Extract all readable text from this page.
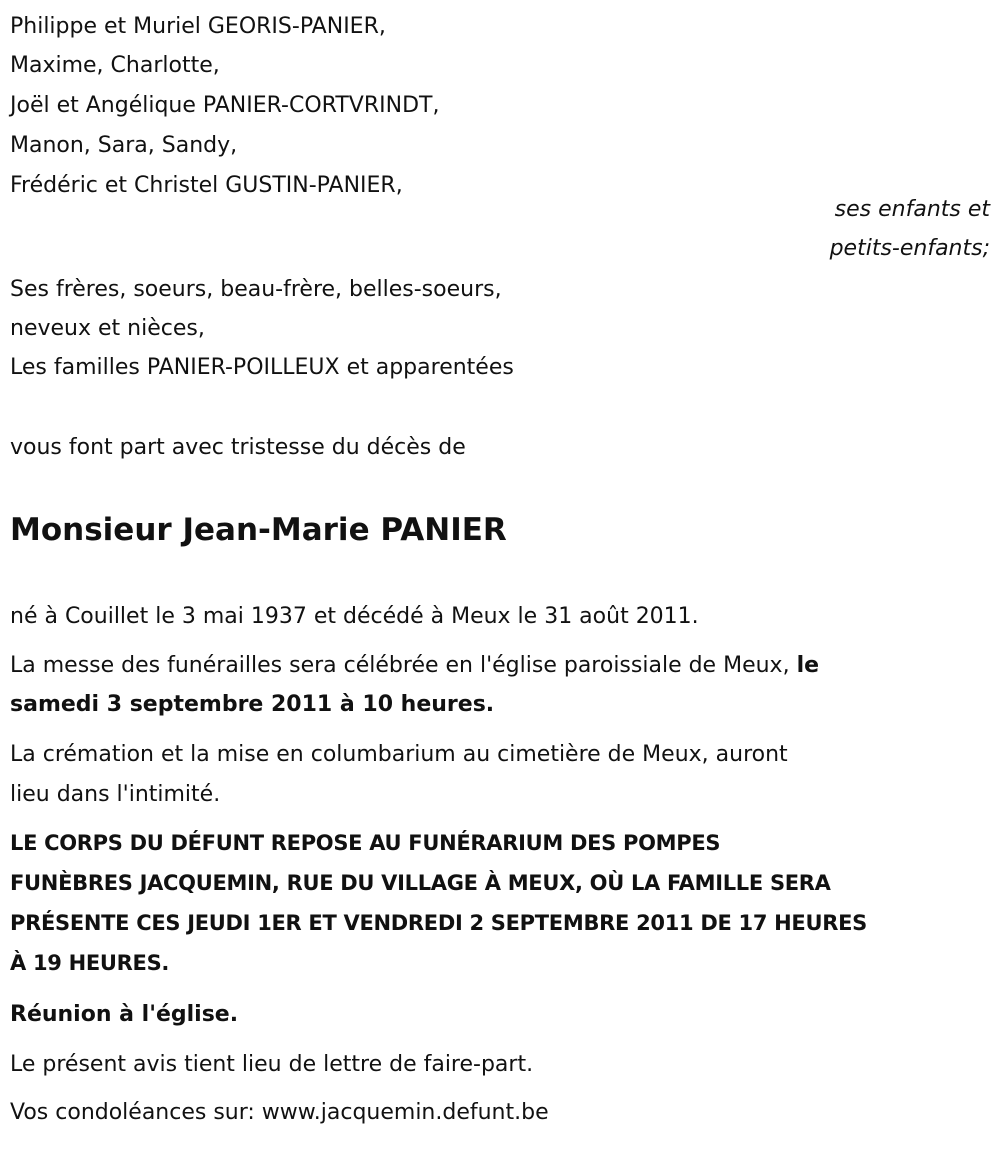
Philippe et Muriel GEORIS-PANIER,
Maxime, Charlotte,
Joël et Angélique PANIER-CORTVRINDT,
Manon, Sara, Sandy,
Frédéric et Christel GUSTIN-PANIER,
ses enfants et
petits-enfants;
Ses frères, soeurs, beau-frère, belles-soeurs,
neveux et nièces,
Les familles PANIER-POILLEUX et apparentées
vous font part avec tristesse du décès de
Monsieur Jean-Marie PANIER
né à Couillet le 3 mai 1937 et décédé à Meux le 31 août 2011.
La messe des funérailles sera célébrée en l'église paroissiale de Meux, le
samedi 3 septembre 2011 à 10 heures.
La crémation et la mise en columbarium au cimetière de Meux, auront
lieu dans l'intimité.
LE CORPS DU DÉFUNT REPOSE AU FUNÉRARIUM DES POMPES
FUNÈBRES JACQUEMIN, RUE DU VILLAGE À MEUX, OÙ LA FAMILLE SERA
PRÉSENTE CES JEUDI 1ER ET VENDREDI 2 SEPTEMBRE 2011 DE 17 HEURES
À 19 HEURES.
Réunion à l'église.
Le présent avis tient lieu de lettre de faire-part.
Vos condoléances sur: www.jacquemin.defunt.be
